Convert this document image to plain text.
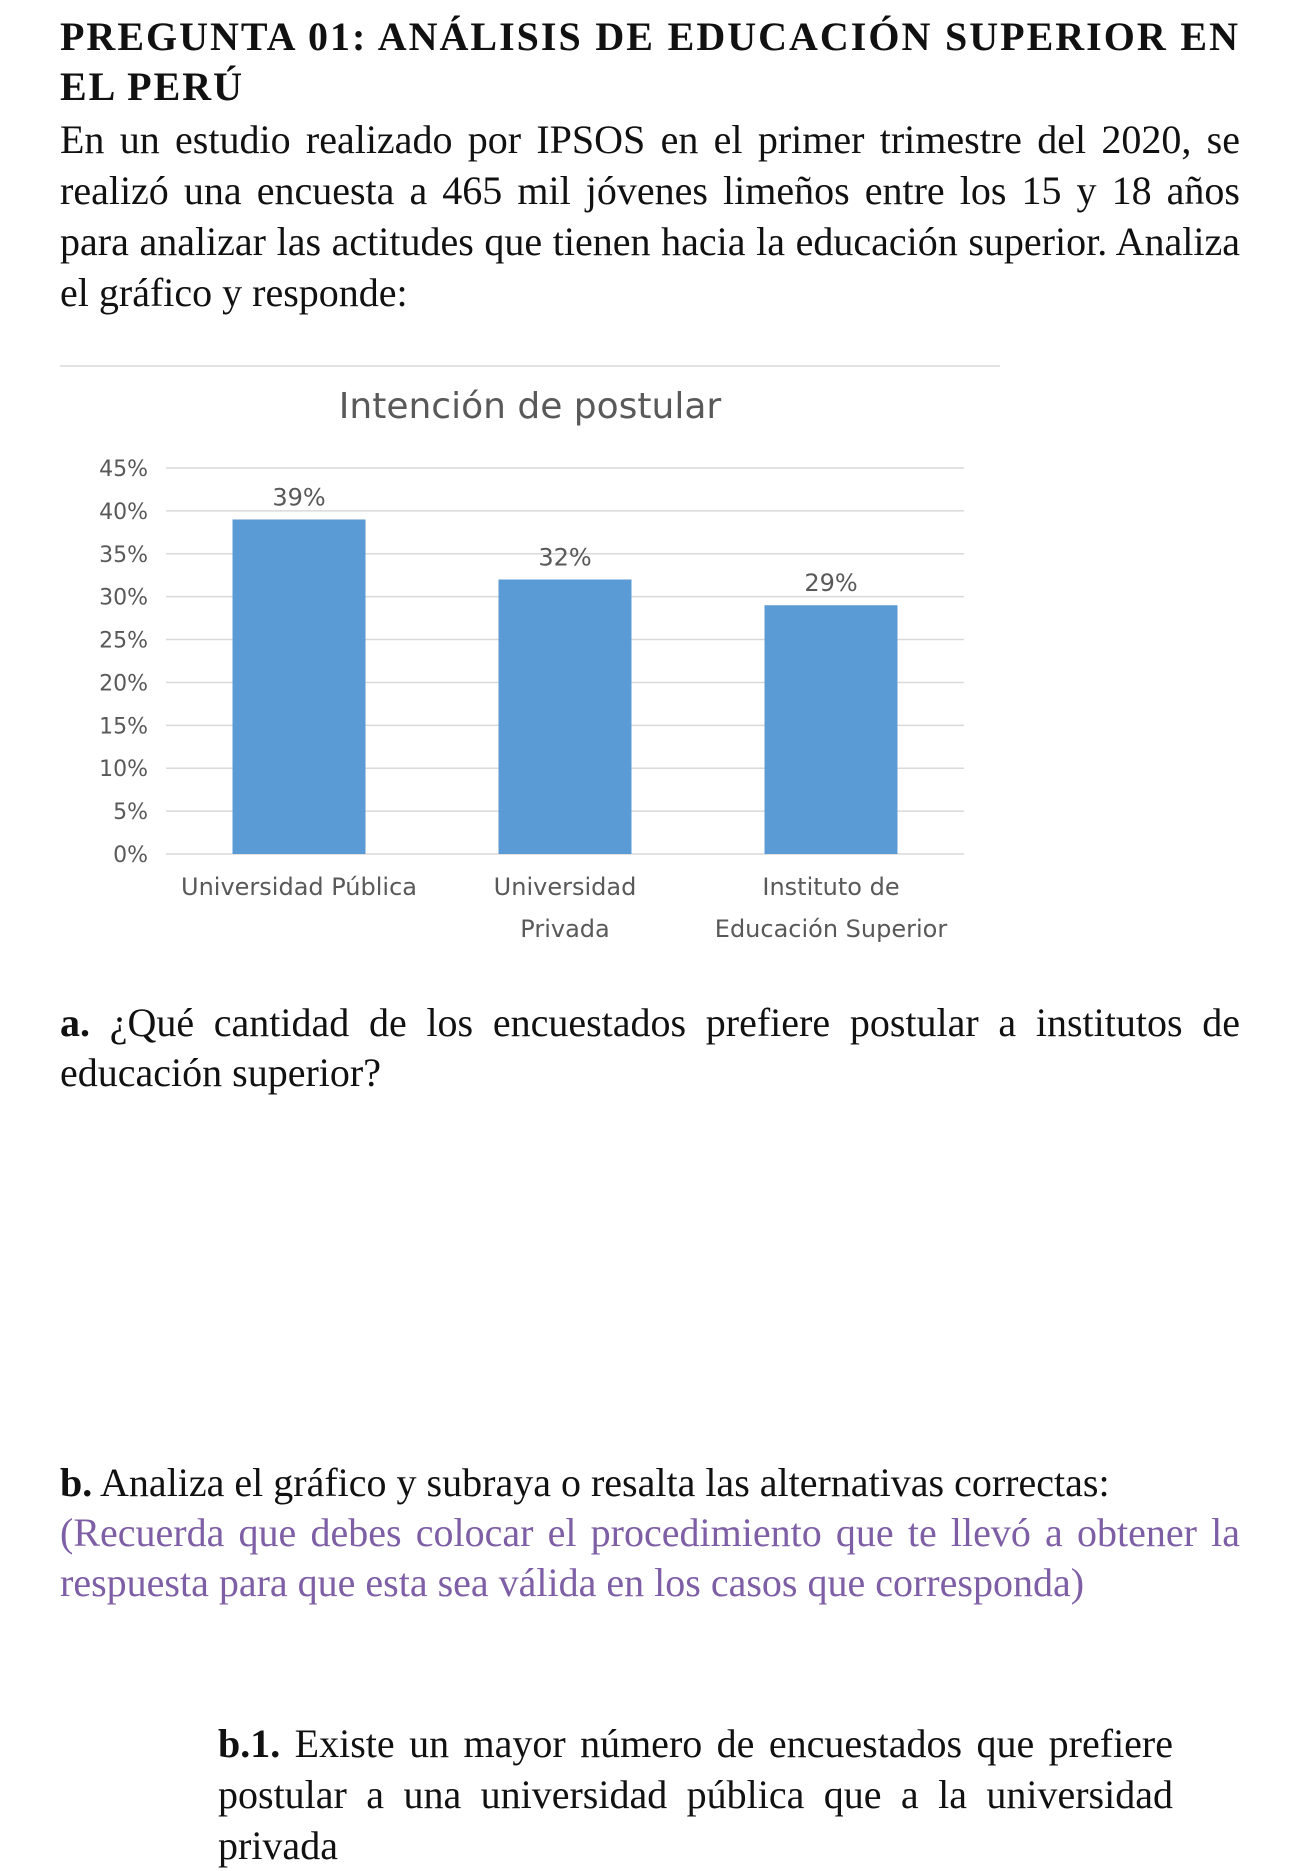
PREGUNTA 01: ANÁLISIS DE EDUCACIÓN SUPERIOR EN EL PERÚ

En un estudio realizado por IPSOS en el primer trimestre del 2020, se realizó una encuesta a 465 mil jóvenes limeños entre los 15 y 18 años para analizar las actitudes que tienen hacia la educación superior. Analiza el gráfico y responde:

Intención de postular
0%
5%
10%
15%
20%
25%
30%
35%
40%
45%
39%
Universidad Pública
32%
Universidad
Privada
29%
Instituto de
Educación Superior

a. ¿Qué cantidad de los encuestados prefiere postular a institutos de educación superior?

b. Analiza el gráfico y subraya o resalta las alternativas correctas:

(Recuerda que debes colocar el procedimiento que te llevó a obtener la respuesta para que esta sea válida en los casos que corresponda)

b.1. Existe un mayor número de encuestados que prefiere postular a una universidad pública que a la universidad privada
